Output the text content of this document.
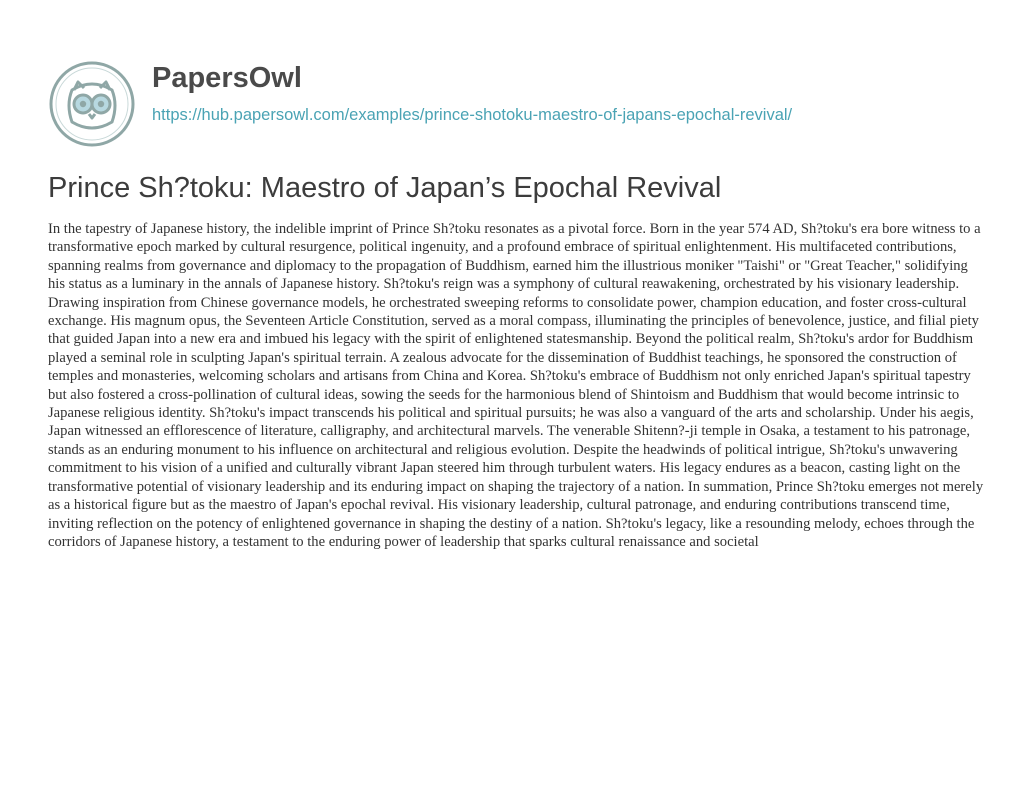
PapersOwl
https://hub.papersowl.com/examples/prince-shotoku-maestro-of-japans-epochal-revival/
Prince Sh?toku: Maestro of Japan’s Epochal Revival

In the tapestry of Japanese history, the indelible imprint of Prince Sh?toku resonates as a pivotal force. Born in the year 574 AD, Sh?toku's era bore witness to a transformative epoch marked by cultural resurgence, political ingenuity, and a profound embrace of spiritual enlightenment. His multifaceted contributions, spanning realms from governance and diplomacy to the propagation of Buddhism, earned him the illustrious moniker "Taishi" or "Great Teacher," solidifying his status as a luminary in the annals of Japanese history. Sh?toku's reign was a symphony of cultural reawakening, orchestrated by his visionary leadership. Drawing inspiration from Chinese governance models, he orchestrated sweeping reforms to consolidate power, champion education, and foster cross-cultural exchange. His magnum opus, the Seventeen Article Constitution, served as a moral compass, illuminating the principles of benevolence, justice, and filial piety that guided Japan into a new era and imbued his legacy with the spirit of enlightened statesmanship. Beyond the political realm, Sh?toku's ardor for Buddhism played a seminal role in sculpting Japan's spiritual terrain. A zealous advocate for the dissemination of Buddhist teachings, he sponsored the construction of temples and monasteries, welcoming scholars and artisans from China and Korea. Sh?toku's embrace of Buddhism not only enriched Japan's spiritual tapestry but also fostered a cross-pollination of cultural ideas, sowing the seeds for the harmonious blend of Shintoism and Buddhism that would become intrinsic to Japanese religious identity. Sh?toku's impact transcends his political and spiritual pursuits; he was also a vanguard of the arts and scholarship. Under his aegis, Japan witnessed an efflorescence of literature, calligraphy, and architectural marvels. The venerable Shitenn?-ji temple in Osaka, a testament to his patronage, stands as an enduring monument to his influence on architectural and religious evolution. Despite the headwinds of political intrigue, Sh?toku's unwavering commitment to his vision of a unified and culturally vibrant Japan steered him through turbulent waters. His legacy endures as a beacon, casting light on the transformative potential of visionary leadership and its enduring impact on shaping the trajectory of a nation. In summation, Prince Sh?toku emerges not merely as a historical figure but as the maestro of Japan's epochal revival. His visionary leadership, cultural patronage, and enduring contributions transcend time, inviting reflection on the potency of enlightened governance in shaping the destiny of a nation. Sh?toku's legacy, like a resounding melody, echoes through the corridors of Japanese history, a testament to the enduring power of leadership that sparks cultural renaissance and societal
